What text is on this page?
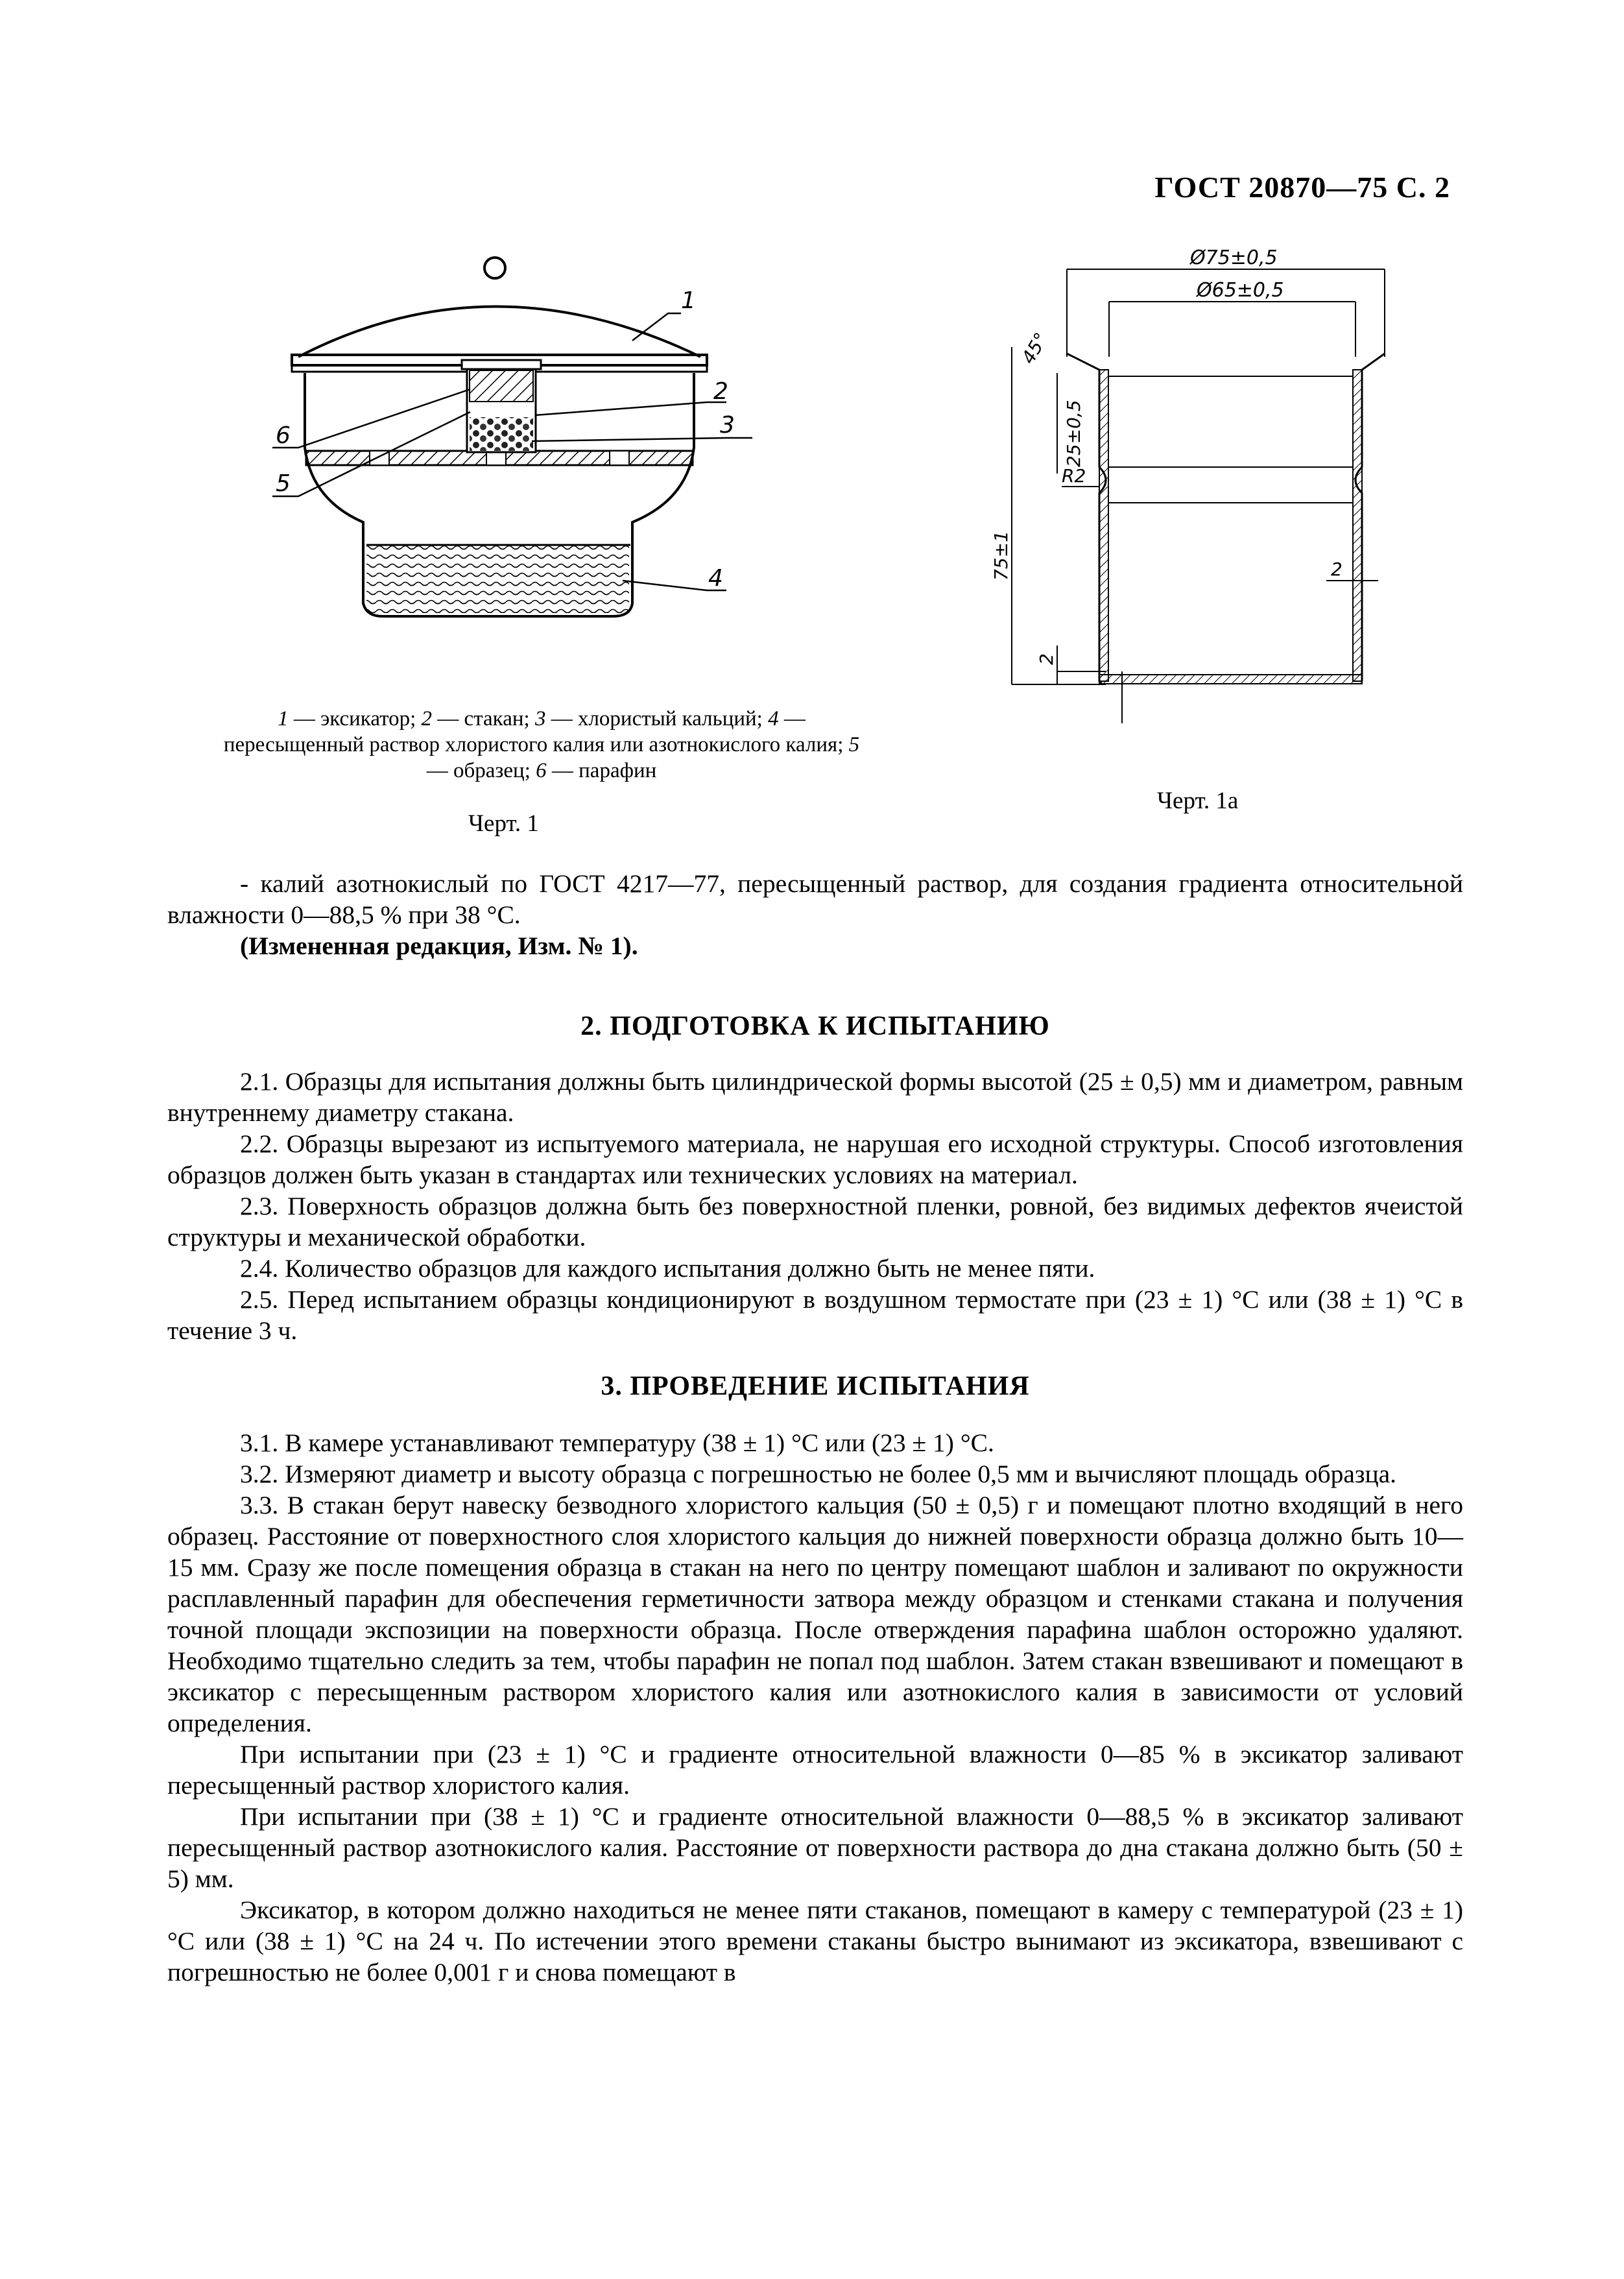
ГОСТ 20870—75 С. 2
1
2
3
4
5
6
1 — эксикатор; 2 — стакан; 3 — хлористый кальций; 4 — пересыщенный раствор хлористого калия или азотнокислого калия; 5 — образец; 6 — парафин
Черт. 1
Ø75±0,5
Ø65±0,5
45°
25±0,5
75±1
R2
2
2
Черт. 1а

- калий азотнокислый по ГОСТ 4217—77, пересыщенный раствор, для создания градиента относительной влажности 0—88,5 % при 38 °С.

(Измененная редакция, Изм. № 1).

2. ПОДГОТОВКА К ИСПЫТАНИЮ

2.1. Образцы для испытания должны быть цилиндрической формы высотой (25 ± 0,5) мм и диаметром, равным внутреннему диаметру стакана.

2.2. Образцы вырезают из испытуемого материала, не нарушая его исходной структуры. Способ изготовления образцов должен быть указан в стандартах или технических условиях на материал.

2.3. Поверхность образцов должна быть без поверхностной пленки, ровной, без видимых дефектов ячеистой структуры и механической обработки.

2.4. Количество образцов для каждого испытания должно быть не менее пяти.

2.5. Перед испытанием образцы кондиционируют в воздушном термостате при (23 ± 1) °С или (38 ± 1) °С в течение 3 ч.

3. ПРОВЕДЕНИЕ ИСПЫТАНИЯ

3.1. В камере устанавливают температуру (38 ± 1) °С или (23 ± 1) °С.

3.2. Измеряют диаметр и высоту образца с погрешностью не более 0,5 мм и вычисляют площадь образца.

3.3. В стакан берут навеску безводного хлористого кальция (50 ± 0,5) г и помещают плотно входящий в него образец. Расстояние от поверхностного слоя хлористого кальция до нижней поверхности образца должно быть 10—15 мм. Сразу же после помещения образца в стакан на него по центру помещают шаблон и заливают по окружности расплавленный парафин для обеспечения герметичности затвора между образцом и стенками стакана и получения точной площади экспозиции на поверхности образца. После отверждения парафина шаблон осторожно удаляют. Необходимо тщательно следить за тем, чтобы парафин не попал под шаблон. Затем стакан взвешивают и помещают в эксикатор с пересыщенным раствором хлористого калия или азотнокислого калия в зависимости от условий определения.

При испытании при (23 ± 1) °С и градиенте относительной влажности 0—85 % в эксикатор заливают пересыщенный раствор хлористого калия.

При испытании при (38 ± 1) °С и градиенте относительной влажности 0—88,5 % в эксикатор заливают пересыщенный раствор азотнокислого калия. Расстояние от поверхности раствора до дна стакана должно быть (50 ± 5) мм.

Эксикатор, в котором должно находиться не менее пяти стаканов, помещают в камеру с температурой (23 ± 1) °С или (38 ± 1) °С на 24 ч. По истечении этого времени стаканы быстро вынимают из эксикатора, взвешивают с погрешностью не более 0,001 г и снова помещают в
